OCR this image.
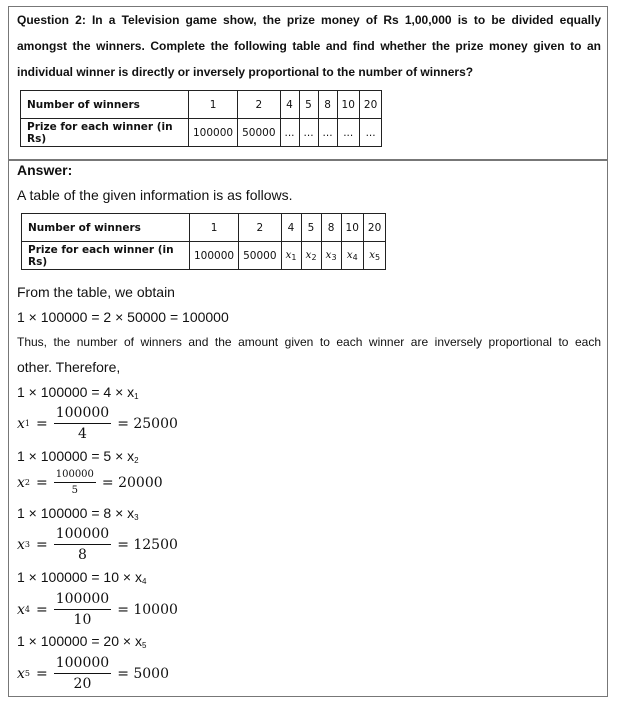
Question 2: In a Television game show, the prize money of Rs 1,00,000 is to be divided equally
amongst the winners. Complete the following table and find whether the prize money given to an
individual winner is directly or inversely proportional to the number of winners?
Number of winners	1	2	4	5	8	10	20
Prize for each winner (in Rs)	100000	50000	...	...	...	...	...
Answer:
A table of the given information is as follows.
Number of winners	1	2	4	5	8	10	20
Prize for each winner (in Rs)	100000	50000	$x_1$	$x_2$	$x_3$	$x_4$	$x_5$
From the table, we obtain
1 × 100000 = 2 × 50000 = 100000
Thus, the number of winners and the amount given to each winner are inversely proportional to each
other. Therefore,
$1 \times 100000 = 4 \times x_1$
x $1 = \frac{100000}{4} = 25000$
$1 \times 100000 = 5 \times x_2$
x $2 = \frac{100000}{5} = 20000$
$1 \times 100000 = 8 \times x_3$
x $3 = \frac{100000}{8} = 12500$
$1 \times 100000 = 10 \times x_4$
x $4 = \frac{100000}{10} = 10000$
$1 \times 100000 = 20 \times x_5$
x $5 = \frac{100000}{20} = 5000$
